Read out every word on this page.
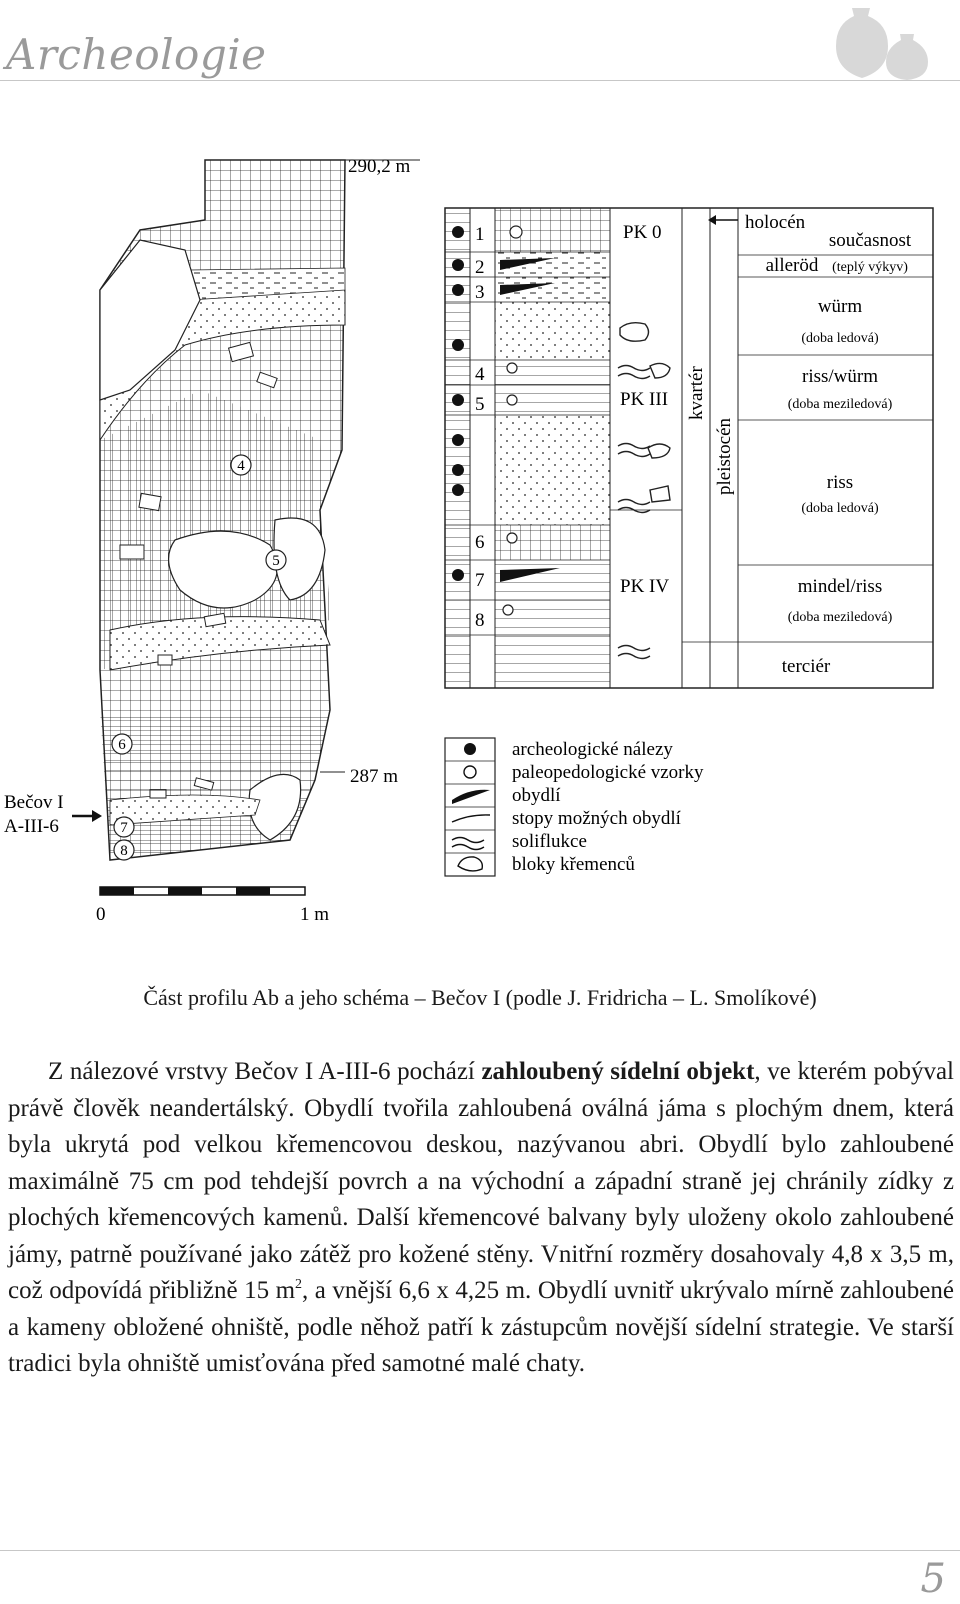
Archeologie
290,2 m
287 m
Bečov I
A-III-6
4
5
6
7
8
0	1 m
1
2
3
4
5
6
7
8
PK 0
PK III
PK IV
kvartér
pleistocén
holocén
současnost
alleröd (teplý výkyv)
würm
(doba ledová)
riss/würm
(doba meziledová)
riss
(doba ledová)
mindel/riss
(doba meziledová)
terciér
archeologické nálezy
paleopedologické vzorky
obydlí
stopy možných obydlí
soliflukce
bloky křemenců
Část profilu Ab a jeho schéma – Bečov I (podle J. Fridricha – L. Smolíkové)

Z nálezové vrstvy Bečov I A-III-6 pochází zahloubený sídelní objekt, ve kterém pobýval právě člověk neandertálský. Obydlí tvořila zahloubená oválná jáma s plochým dnem, která byla ukrytá pod velkou křemencovou deskou, nazývanou abri. Obydlí bylo zahloubené maximálně 75 cm pod tehdejší povrch a na východní a západní straně jej chránily zídky z plochých křemencových kamenů. Další křemencové balvany byly uloženy okolo zahloubené jámy, patrně používané jako zátěž pro kožené stěny. Vnitřní rozměry dosahovaly 4,8 x 3,5 m, což odpovídá přibližně 15 $m^2$, a vnější 6,6 x 4,25 m. Obydlí uvnitř ukrývalo mírně zahloubené a kameny obložené ohniště, podle něhož patří k zástupcům novější sídelní strategie. Ve starší tradici byla ohniště umisťována před samotné malé chaty.

5
